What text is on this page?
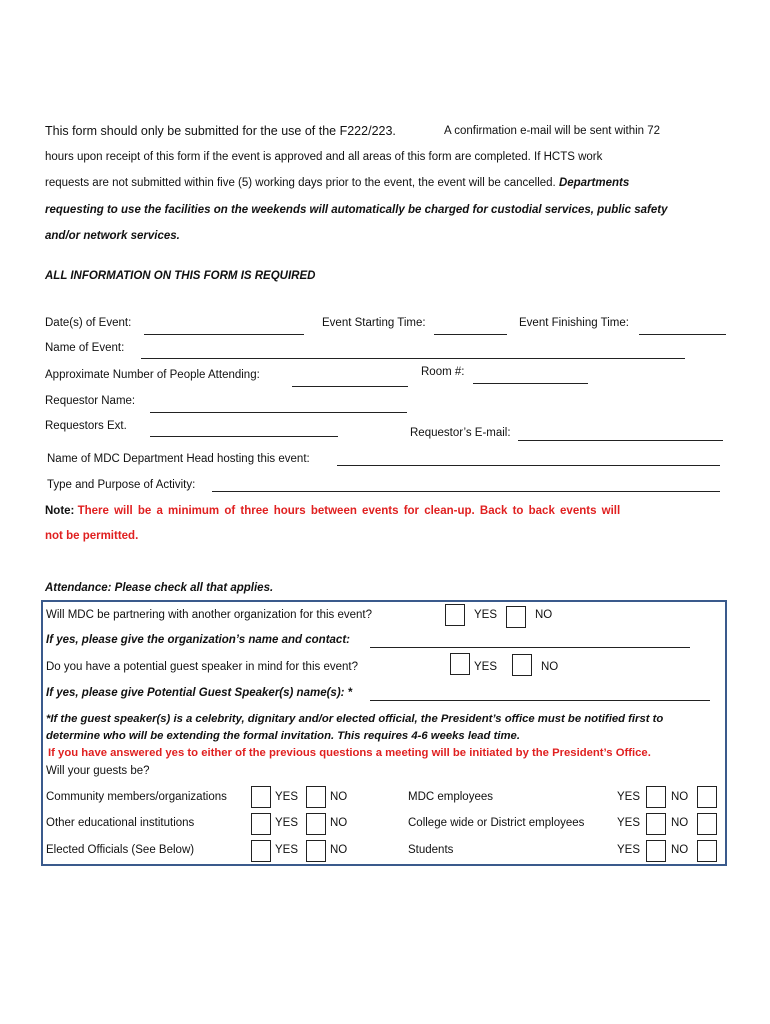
This form should only be submitted for the use of the F222/223.	A confirmation e-mail will be sent within 72
hours upon receipt of this form if the event is approved and all areas of this form are completed. If HCTS work
requests are not submitted within five (5) working days prior to the event, the event will be cancelled. Departments
requesting to use the facilities on the weekends will automatically be charged for custodial services, public safety
and/or network services.
ALL INFORMATION ON THIS FORM IS REQUIRED
Date(s) of Event:	Event Starting Time:	Event Finishing Time:
Name of Event:
Approximate Number of People Attending:	Room #:
Requestor Name:
Requestors Ext.
Requestor’s E-mail:
Name of MDC Department Head hosting this event:
Type and Purpose of Activity:
Note: There will be a minimum of three hours between events for clean-up. Back to back events will
not be permitted.
Attendance: Please check all that applies.
Will MDC be partnering with another organization for this event?	YES	NO
If yes, please give the organization’s name and contact:
Do you have a potential guest speaker in mind for this event?	YES	NO
If yes, please give Potential Guest Speaker(s) name(s): *
*If the guest speaker(s) is a celebrity, dignitary and/or elected official, the President’s office must be notified first to
determine who will be extending the formal invitation. This requires 4-6 weeks lead time.
If you have answered yes to either of the previous questions a meeting will be initiated by the President’s Office.
Will your guests be?
Community members/organizations	YES	NO
Other educational institutions	YES	NO
Elected Officials (See Below)	YES	NO
MDC employees	YES	NO
College wide or District employees	YES	NO
Students	YES	NO
